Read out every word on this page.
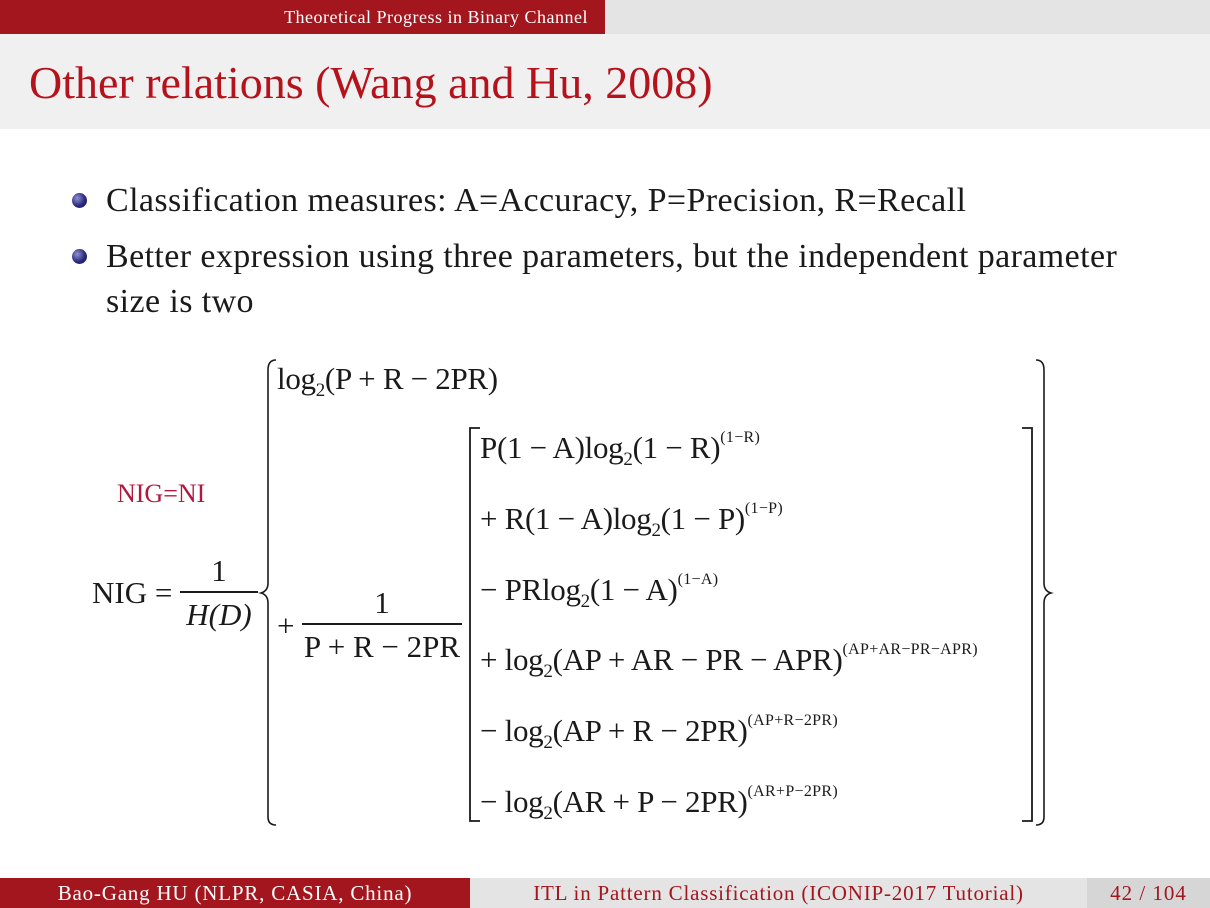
Theoretical Progress in Binary Channel
Other relations (Wang and Hu, 2008)
Classification measures: A=Accuracy, P=Precision, R=Recall
Better expression using three parameters, but the independent parameter size is two
NIG=NI
NIG =
1
H(D)
$\log_2(P + R - 2PR)$
+
1
P + R − 2PR
$P(1 - A)\log_2(1 - R)^{(1-R)}$
+ $R(1 - A)\log_2(1 - P)^{(1-P)}$
− $PRlog_2(1 - A)^{(1-A)}$
+ $\log_2(AP$ + AR − PR − APR)$^{(AP+AR-PR-APR)}$
− $\log_2(AP + R - 2PR)^{(AP+R-2PR)}$
− $\log_2(AR + P - 2PR)^{(AR+P-2PR)}$
Bao-Gang HU (NLPR, CASIA, China)	ITL in Pattern Classification (ICONIP-2017 Tutorial)	42 / 104
